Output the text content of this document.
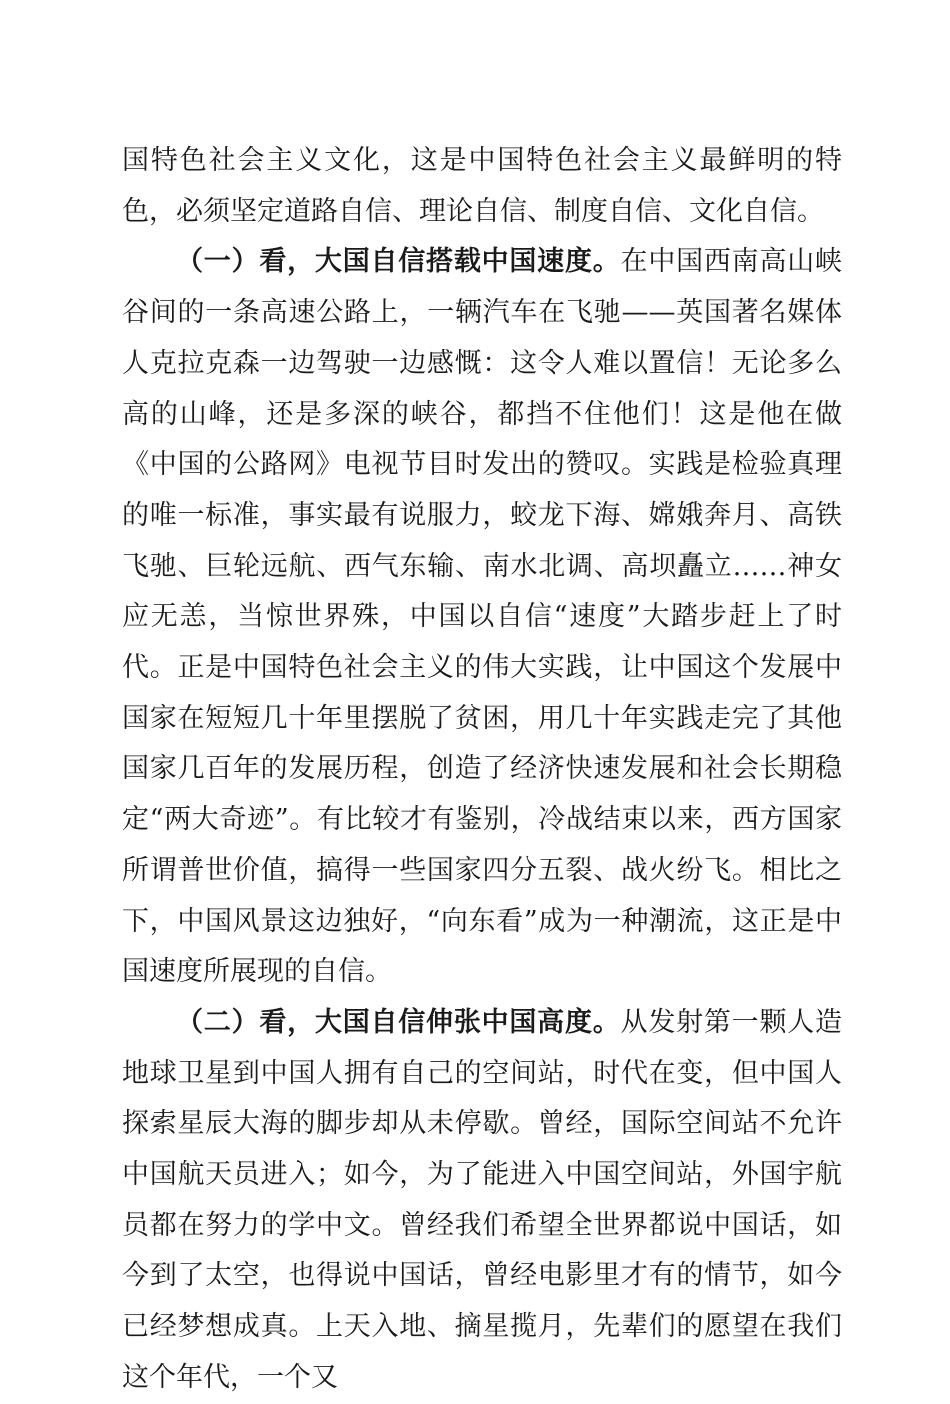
国特色社会主义文化，这是中国特色社会主义最鲜明的特色，必须坚定道路自信、理论自信、制度自信、文化自信。

（一）看，大国自信搭载中国速度。在中国西南高山峡谷间的一条高速公路上，一辆汽车在飞驰——英国著名媒体人克拉克森一边驾驶一边感慨：这令人难以置信！无论多么高的山峰，还是多深的峡谷，都挡不住他们！这是他在做《中国的公路网》电视节目时发出的赞叹。实践是检验真理的唯一标准，事实最有说服力，蛟龙下海、嫦娥奔月、高铁飞驰、巨轮远航、西气东输、南水北调、高坝矗立……神女应无恙，当惊世界殊，中国以自信“速度”大踏步赶上了时代。正是中国特色社会主义的伟大实践，让中国这个发展中国家在短短几十年里摆脱了贫困，用几十年实践走完了其他国家几百年的发展历程，创造了经济快速发展和社会长期稳定“两大奇迹”。有比较才有鉴别，冷战结束以来，西方国家所谓普世价值，搞得一些国家四分五裂、战火纷飞。相比之下，中国风景这边独好，“向东看”成为一种潮流，这正是中国速度所展现的自信。

（二）看，大国自信伸张中国高度。从发射第一颗人造地球卫星到中国人拥有自己的空间站，时代在变，但中国人探索星辰大海的脚步却从未停歇。曾经，国际空间站不允许中国航天员进入；如今，为了能进入中国空间站，外国宇航员都在努力的学中文。曾经我们希望全世界都说中国话，如今到了太空，也得说中国话，曾经电影里才有的情节，如今已经梦想成真。上天入地、摘星揽月，先辈们的愿望在我们这个年代，一个又
